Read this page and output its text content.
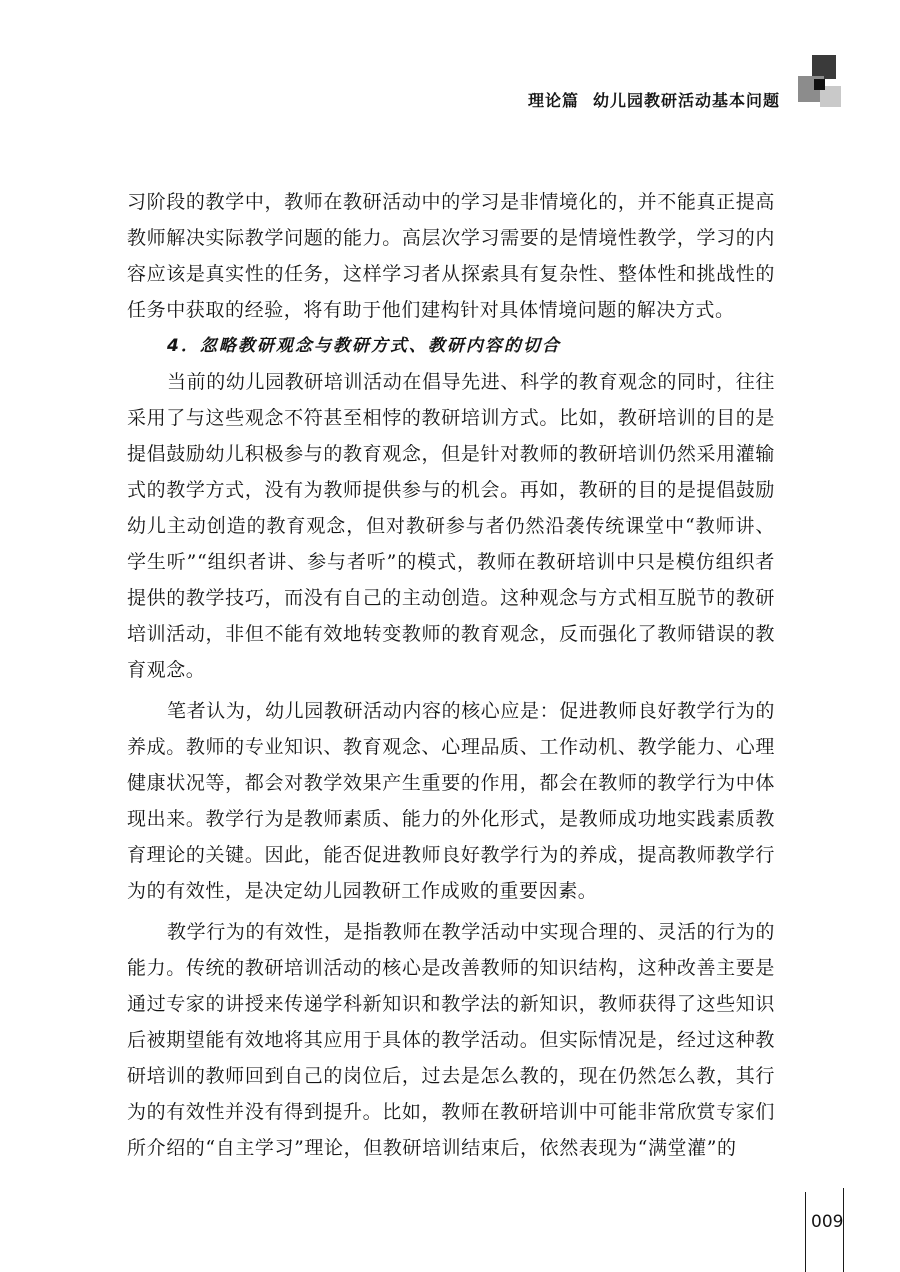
理论篇 幼儿园教研活动基本问题

习阶段的教学中，教师在教研活动中的学习是非情境化的，并不能真正提高教师解决实际教学问题的能力。高层次学习需要的是情境性教学，学习的内容应该是真实性的任务，这样学习者从探索具有复杂性、整体性和挑战性的任务中获取的经验，将有助于他们建构针对具体情境问题的解决方式。

4．忽略教研观念与教研方式、教研内容的切合

当前的幼儿园教研培训活动在倡导先进、科学的教育观念的同时，往往采用了与这些观念不符甚至相悖的教研培训方式。比如，教研培训的目的是提倡鼓励幼儿积极参与的教育观念，但是针对教师的教研培训仍然采用灌输式的教学方式，没有为教师提供参与的机会。再如，教研的目的是提倡鼓励幼儿主动创造的教育观念，但对教研参与者仍然沿袭传统课堂中“教师讲、学生听”“组织者讲、参与者听”的模式，教师在教研培训中只是模仿组织者提供的教学技巧，而没有自己的主动创造。这种观念与方式相互脱节的教研培训活动，非但不能有效地转变教师的教育观念，反而强化了教师错误的教育观念。

笔者认为，幼儿园教研活动内容的核心应是：促进教师良好教学行为的养成。教师的专业知识、教育观念、心理品质、工作动机、教学能力、心理健康状况等，都会对教学效果产生重要的作用，都会在教师的教学行为中体现出来。教学行为是教师素质、能力的外化形式，是教师成功地实践素质教育理论的关键。因此，能否促进教师良好教学行为的养成，提高教师教学行为的有效性，是决定幼儿园教研工作成败的重要因素。

教学行为的有效性，是指教师在教学活动中实现合理的、灵活的行为的能力。传统的教研培训活动的核心是改善教师的知识结构，这种改善主要是通过专家的讲授来传递学科新知识和教学法的新知识，教师获得了这些知识后被期望能有效地将其应用于具体的教学活动。但实际情况是，经过这种教研培训的教师回到自己的岗位后，过去是怎么教的，现在仍然怎么教，其行为的有效性并没有得到提升。比如，教师在教研培训中可能非常欣赏专家们所介绍的“自主学习”理论，但教研培训结束后，依然表现为“满堂灌”的

009
